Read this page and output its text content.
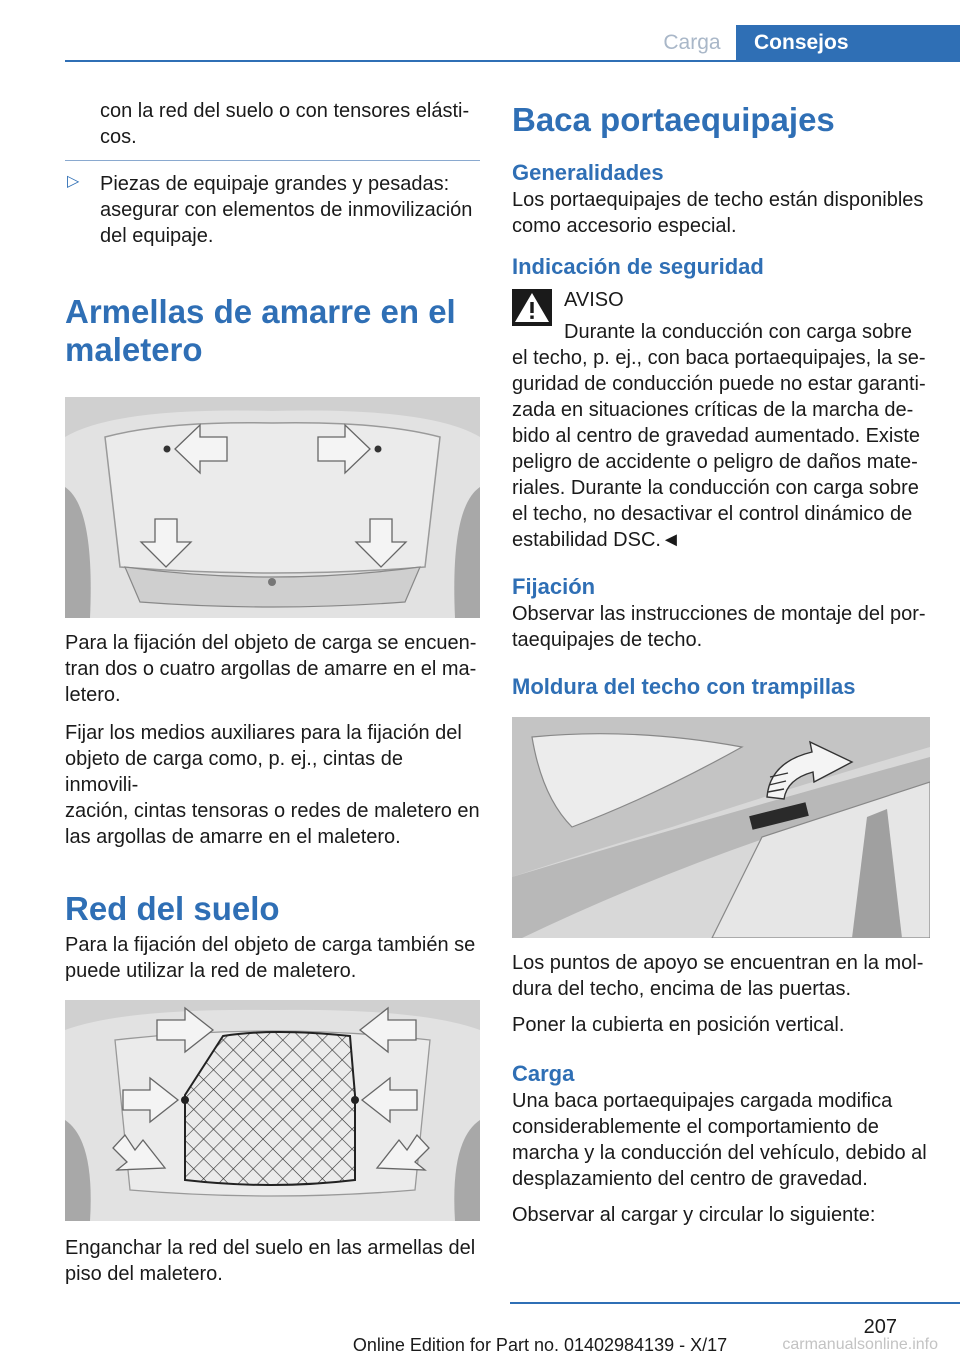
Carga	Consejos

con la red del suelo o con tensores elásti-
cos.

▷ Piezas de equipaje grandes y pesadas:
asegurar con elementos de inmovilización
del equipaje.

Armellas de amarre en el
maletero

Para la fijación del objeto de carga se encuen-
tran dos o cuatro argollas de amarre en el ma-
letero.

Fijar los medios auxiliares para la fijación del
objeto de carga como, p. ej., cintas de inmovili-
zación, cintas tensoras o redes de maletero en
las argollas de amarre en el maletero.

Red del suelo

Para la fijación del objeto de carga también se
puede utilizar la red de maletero.

Enganchar la red del suelo en las armellas del
piso del maletero.

Baca portaequipajes
Generalidades

Los portaequipajes de techo están disponibles
como accesorio especial.

Indicación de seguridad

AVISO

Durante la conducción con carga sobre

el techo, p. ej., con baca portaequipajes, la se-
guridad de conducción puede no estar garanti-
zada en situaciones críticas de la marcha de-
bido al centro de gravedad aumentado. Existe
peligro de accidente o peligro de daños mate-
riales. Durante la conducción con carga sobre
el techo, no desactivar el control dinámico de
estabilidad DSC.◄

Fijación

Observar las instrucciones de montaje del por-
taequipajes de techo.

Moldura del techo con trampillas

Los puntos de apoyo se encuentran en la mol-
dura del techo, encima de las puertas.

Poner la cubierta en posición vertical.

Carga

Una baca portaequipajes cargada modifica
considerablemente el comportamiento de
marcha y la conducción del vehículo, debido al
desplazamiento del centro de gravedad.

Observar al cargar y circular lo siguiente:

207
Online Edition for Part no. 01402984139 - X/17	carmanualsonline.info
